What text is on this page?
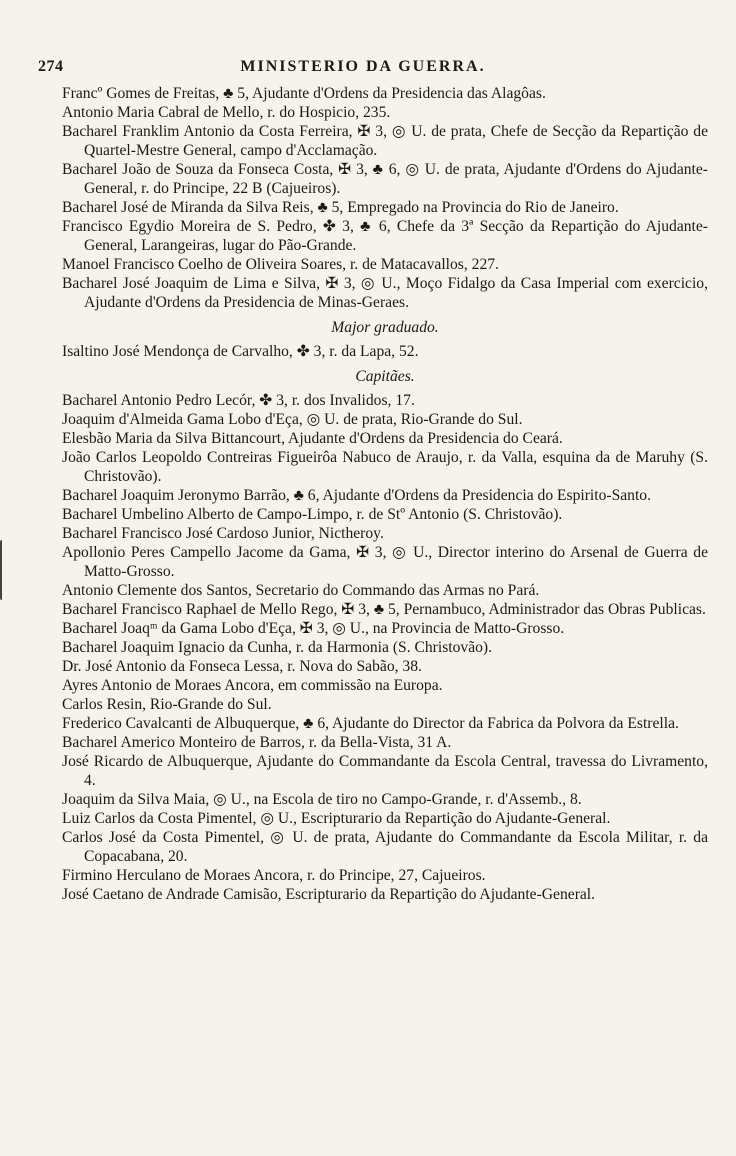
274	MINISTERIO DA GUERRA.
Francº Gomes de Freitas, ♣ 5, Ajudante d'Ordens da Presidencia das Alagôas.
Antonio Maria Cabral de Mello, r. do Hospicio, 235.
Bacharel Franklim Antonio da Costa Ferreira, ✠ 3, ◎ U. de prata, Chefe de Secção da Repartição de Quartel-Mestre General, campo d'Acclamação.
Bacharel João de Souza da Fonseca Costa, ✠ 3, ♣ 6, ◎ U. de prata, Ajudante d'Ordens do Ajudante-General, r. do Principe, 22 B (Cajueiros).
Bacharel José de Miranda da Silva Reis, ♣ 5, Empregado na Provincia do Rio de Janeiro.
Francisco Egydio Moreira de S. Pedro, ✤ 3, ♣ 6, Chefe da 3ª Secção da Repartição do Ajudante-General, Larangeiras, lugar do Pão-Grande.
Manoel Francisco Coelho de Oliveira Soares, r. de Matacavallos, 227.
Bacharel José Joaquim de Lima e Silva, ✠ 3, ◎ U., Moço Fidalgo da Casa Imperial com exercicio, Ajudante d'Ordens da Presidencia de Minas-Geraes.
Major graduado.
Isaltino José Mendonça de Carvalho, ✤ 3, r. da Lapa, 52.
Capitães.
Bacharel Antonio Pedro Lecór, ✤ 3, r. dos Invalidos, 17.
Joaquim d'Almeida Gama Lobo d'Eça, ◎ U. de prata, Rio-Grande do Sul.
Elesbão Maria da Silva Bittancourt, Ajudante d'Ordens da Presidencia do Ceará.
João Carlos Leopoldo Contreiras Figueirôa Nabuco de Araujo, r. da Valla, esquina da de Maruhy (S. Christovão).
Bacharel Joaquim Jeronymo Barrão, ♣ 6, Ajudante d'Ordens da Presidencia do Espirito-Santo.
Bacharel Umbelino Alberto de Campo-Limpo, r. de Stº Antonio (S. Christovão).
Bacharel Francisco José Cardoso Junior, Nictheroy.
Apollonio Peres Campello Jacome da Gama, ✠ 3, ◎ U., Director interino do Arsenal de Guerra de Matto-Grosso.
Antonio Clemente dos Santos, Secretario do Commando das Armas no Pará.
Bacharel Francisco Raphael de Mello Rego, ✠ 3, ♣ 5, Pernambuco, Administrador das Obras Publicas.
Bacharel Joaqᵐ da Gama Lobo d'Eça, ✠ 3, ◎ U., na Provincia de Matto-Grosso.
Bacharel Joaquim Ignacio da Cunha, r. da Harmonia (S. Christovão).
Dr. José Antonio da Fonseca Lessa, r. Nova do Sabão, 38.
Ayres Antonio de Moraes Ancora, em commissão na Europa.
Carlos Resin, Rio-Grande do Sul.
Frederico Cavalcanti de Albuquerque, ♣ 6, Ajudante do Director da Fabrica da Polvora da Estrella.
Bacharel Americo Monteiro de Barros, r. da Bella-Vista, 31 A.
José Ricardo de Albuquerque, Ajudante do Commandante da Escola Central, travessa do Livramento, 4.
Joaquim da Silva Maia, ◎ U., na Escola de tiro no Campo-Grande, r. d'Assemb., 8.
Luiz Carlos da Costa Pimentel, ◎ U., Escripturario da Repartição do Ajudante-General.
Carlos José da Costa Pimentel, ◎ U. de prata, Ajudante do Commandante da Escola Militar, r. da Copacabana, 20.
Firmino Herculano de Moraes Ancora, r. do Principe, 27, Cajueiros.
José Caetano de Andrade Camisão, Escripturario da Repartição do Ajudante-General.
